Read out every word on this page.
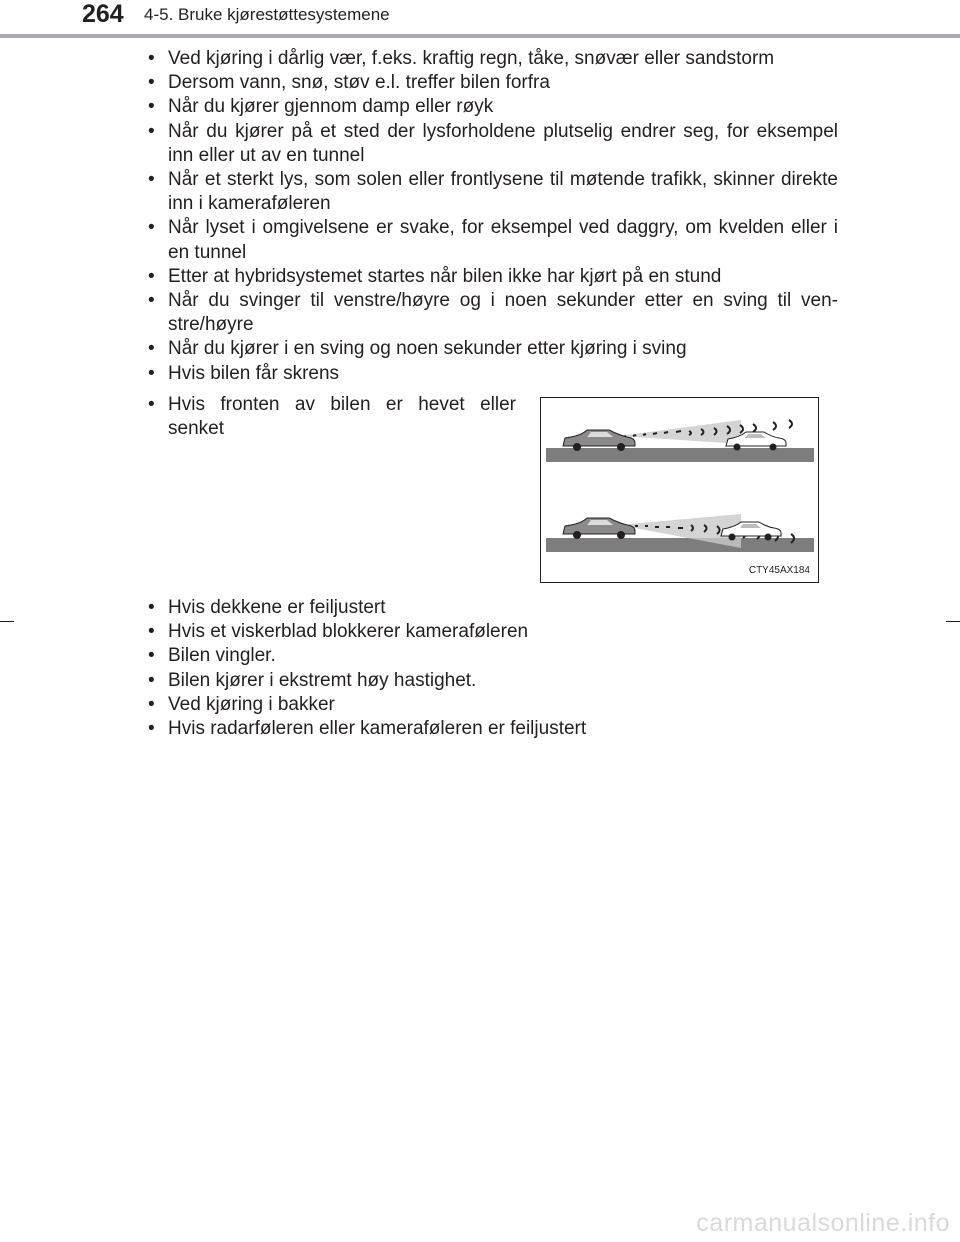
264 4-5. Bruke kjørestøttesystemene
• Ved kjøring i dårlig vær, f.eks. kraftig regn, tåke, snøvær eller sandstorm
• Dersom vann, snø, støv e.l. treffer bilen forfra
• Når du kjører gjennom damp eller røyk
• Når du kjører på et sted der lysforholdene plutselig endrer seg, for eksempel inn eller ut av en tunnel
• Når et sterkt lys, som solen eller frontlysene til møtende trafikk, skinner direkte inn i kameraføleren
• Når lyset i omgivelsene er svake, for eksempel ved daggry, om kvelden eller i en tunnel
• Etter at hybridsystemet startes når bilen ikke har kjørt på en stund
• Når du svinger til venstre/høyre og i noen sekunder etter en sving til venstre/høyre
• Når du kjører i en sving og noen sekunder etter kjøring i sving
• Hvis bilen får skrens
• Hvis fronten av bilen er hevet eller senket
CTY45AX184
• Hvis dekkene er feiljustert
• Hvis et viskerblad blokkerer kameraføleren
• Bilen vingler.
• Bilen kjører i ekstremt høy hastighet.
• Ved kjøring i bakker
• Hvis radarføleren eller kameraføleren er feiljustert
carmanualsonline.info
